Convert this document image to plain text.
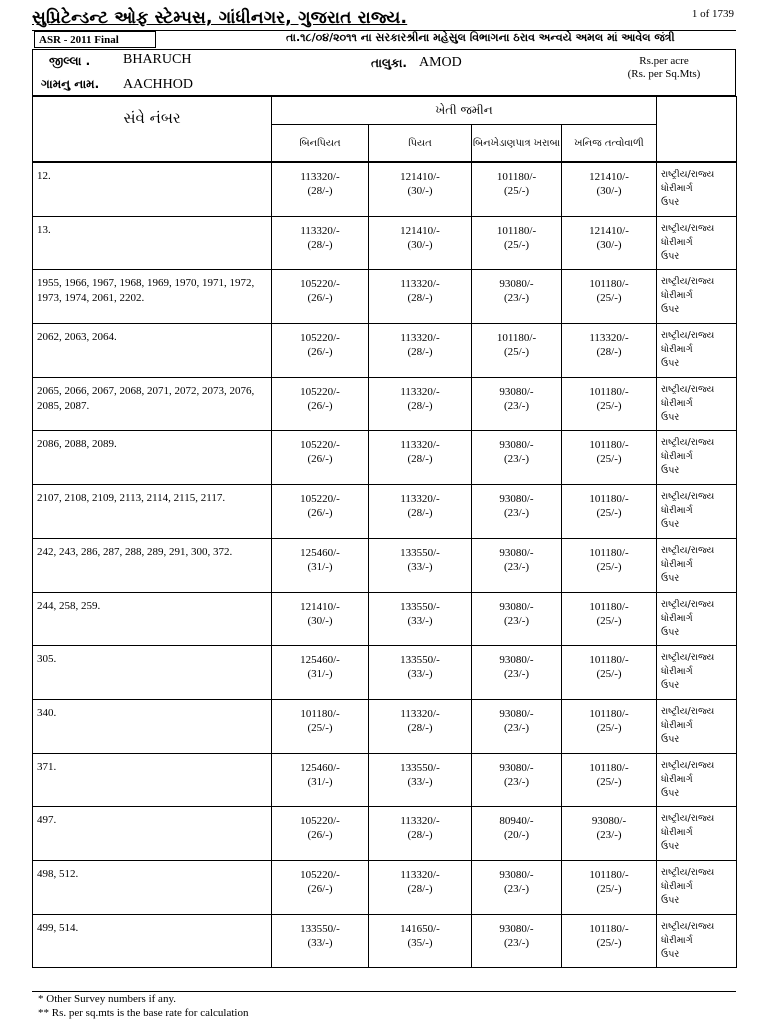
સુપ્રિટેન્ડન્ટ ઓફ સ્ટેમ્પસ, ગાંધીનગર, ગુજરાત રાજ્ય.	1 of 1739
ASR - 2011 Final	તા.૧૮/૦૪/૨૦૧૧ ના સરકારશ્રીના મહેસુલ વિભાગના ઠરાવ અન્વયે અમલ માં આવેલ જંત્રી
જીલ્લા . BHARUCH	તાલુકા. AMOD
ગામનુ નામ. AACHHOD
Rs.per acre
(Rs. per Sq.Mts)
સંવે નંબર	ખેતી જમીન				
	બિનપિયત	પિયત	બિનખેડાણપાત્ર ખરાબા	ખનિજ તત્વોવાળી	

12.	113320/-
(28/-)	121410/-
(30/-)	101180/-
(25/-)	121410/-
(30/-)	રાષ્ટ્રીય/રાજ્ય
ધોરીમાર્ગ
ઉપર

13.	113320/-
(28/-)	121410/-
(30/-)	101180/-
(25/-)	121410/-
(30/-)	રાષ્ટ્રીય/રાજ્ય
ધોરીમાર્ગ
ઉપર

1955, 1966, 1967, 1968, 1969, 1970, 1971, 1972, 1973, 1974, 2061, 2202.	105220/-
(26/-)	113320/-
(28/-)	93080/-
(23/-)	101180/-
(25/-)	રાષ્ટ્રીય/રાજ્ય
ધોરીમાર્ગ
ઉપર

2062, 2063, 2064.	105220/-
(26/-)	113320/-
(28/-)	101180/-
(25/-)	113320/-
(28/-)	રાષ્ટ્રીય/રાજ્ય
ધોરીમાર્ગ
ઉપર

2065, 2066, 2067, 2068, 2071, 2072, 2073, 2076, 2085, 2087.	105220/-
(26/-)	113320/-
(28/-)	93080/-
(23/-)	101180/-
(25/-)	રાષ્ટ્રીય/રાજ્ય
ધોરીમાર્ગ
ઉપર

2086, 2088, 2089.	105220/-
(26/-)	113320/-
(28/-)	93080/-
(23/-)	101180/-
(25/-)	રાષ્ટ્રીય/રાજ્ય
ધોરીમાર્ગ
ઉપર

2107, 2108, 2109, 2113, 2114, 2115, 2117.	105220/-
(26/-)	113320/-
(28/-)	93080/-
(23/-)	101180/-
(25/-)	રાષ્ટ્રીય/રાજ્ય
ધોરીમાર્ગ
ઉપર

242, 243, 286, 287, 288, 289, 291, 300, 372.	125460/-
(31/-)	133550/-
(33/-)	93080/-
(23/-)	101180/-
(25/-)	રાષ્ટ્રીય/રાજ્ય
ધોરીમાર્ગ
ઉપર

244, 258, 259.	121410/-
(30/-)	133550/-
(33/-)	93080/-
(23/-)	101180/-
(25/-)	રાષ્ટ્રીય/રાજ્ય
ધોરીમાર્ગ
ઉપર

305.	125460/-
(31/-)	133550/-
(33/-)	93080/-
(23/-)	101180/-
(25/-)	રાષ્ટ્રીય/રાજ્ય
ધોરીમાર્ગ
ઉપર

340.	101180/-
(25/-)	113320/-
(28/-)	93080/-
(23/-)	101180/-
(25/-)	રાષ્ટ્રીય/રાજ્ય
ધોરીમાર્ગ
ઉપર

371.	125460/-
(31/-)	133550/-
(33/-)	93080/-
(23/-)	101180/-
(25/-)	રાષ્ટ્રીય/રાજ્ય
ધોરીમાર્ગ
ઉપર

497.	105220/-
(26/-)	113320/-
(28/-)	80940/-
(20/-)	93080/-
(23/-)	રાષ્ટ્રીય/રાજ્ય
ધોરીમાર્ગ
ઉપર

498, 512.	105220/-
(26/-)	113320/-
(28/-)	93080/-
(23/-)	101180/-
(25/-)	રાષ્ટ્રીય/રાજ્ય
ધોરીમાર્ગ
ઉપર

499, 514.	133550/-
(33/-)	141650/-
(35/-)	93080/-
(23/-)	101180/-
(25/-)	રાષ્ટ્રીય/રાજ્ય
ધોરીમાર્ગ
ઉપર
* Other Survey numbers if any.
** Rs. per sq.mts is the base rate for calculation
